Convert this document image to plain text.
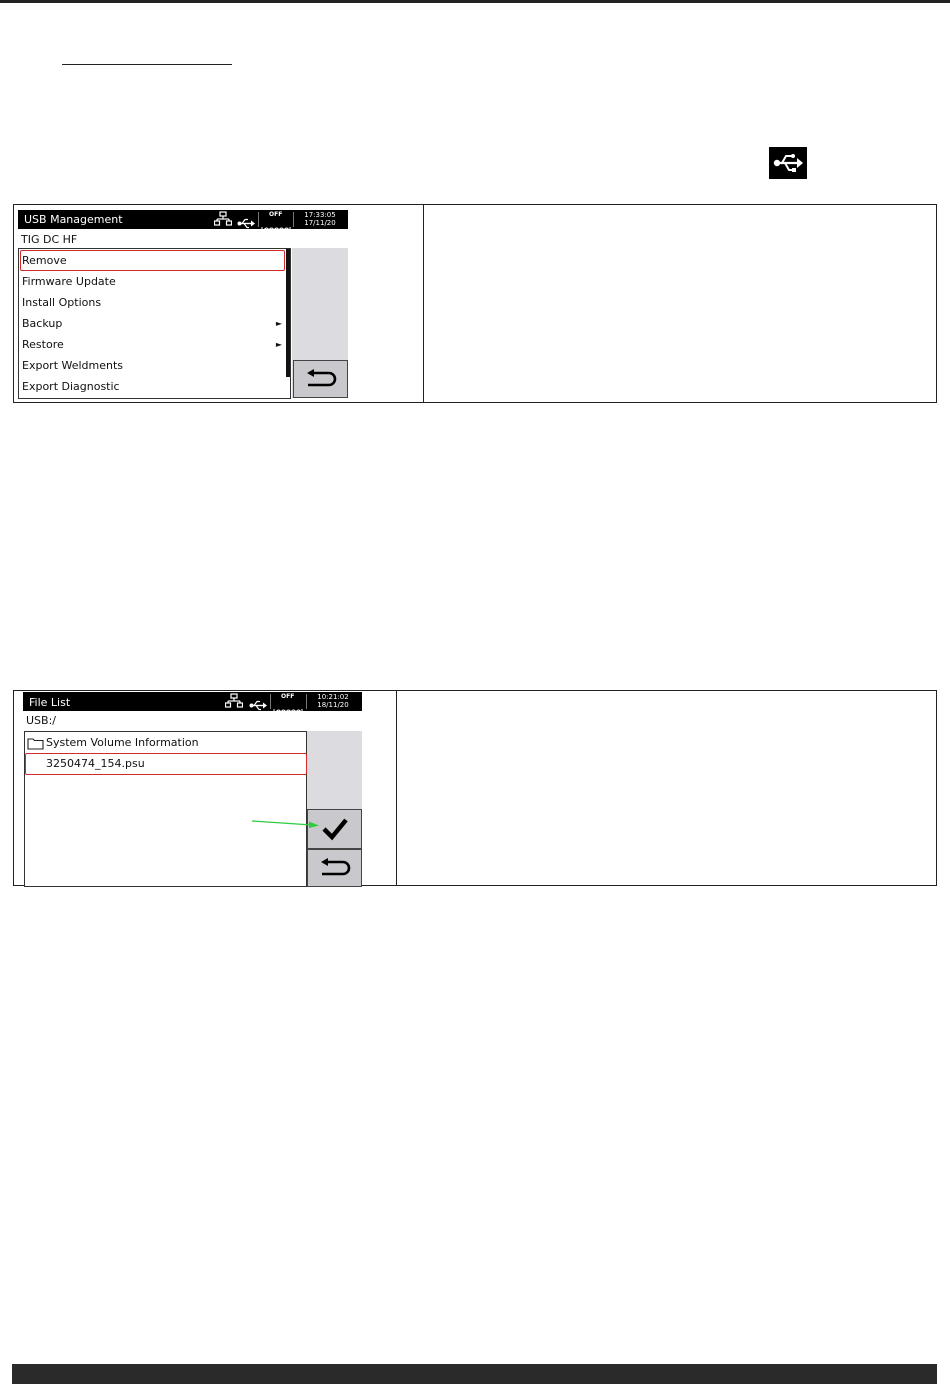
USB Management	OFF	17:33:05
17/11/20
TIG DC HF
Remove
Firmware Update
Install Options
Backup	►
Restore	►
Export Weldments
Export Diagnostic
File List	OFF	10:21:02
18/11/20
USB:/
System Volume Information
3250474_154.psu
